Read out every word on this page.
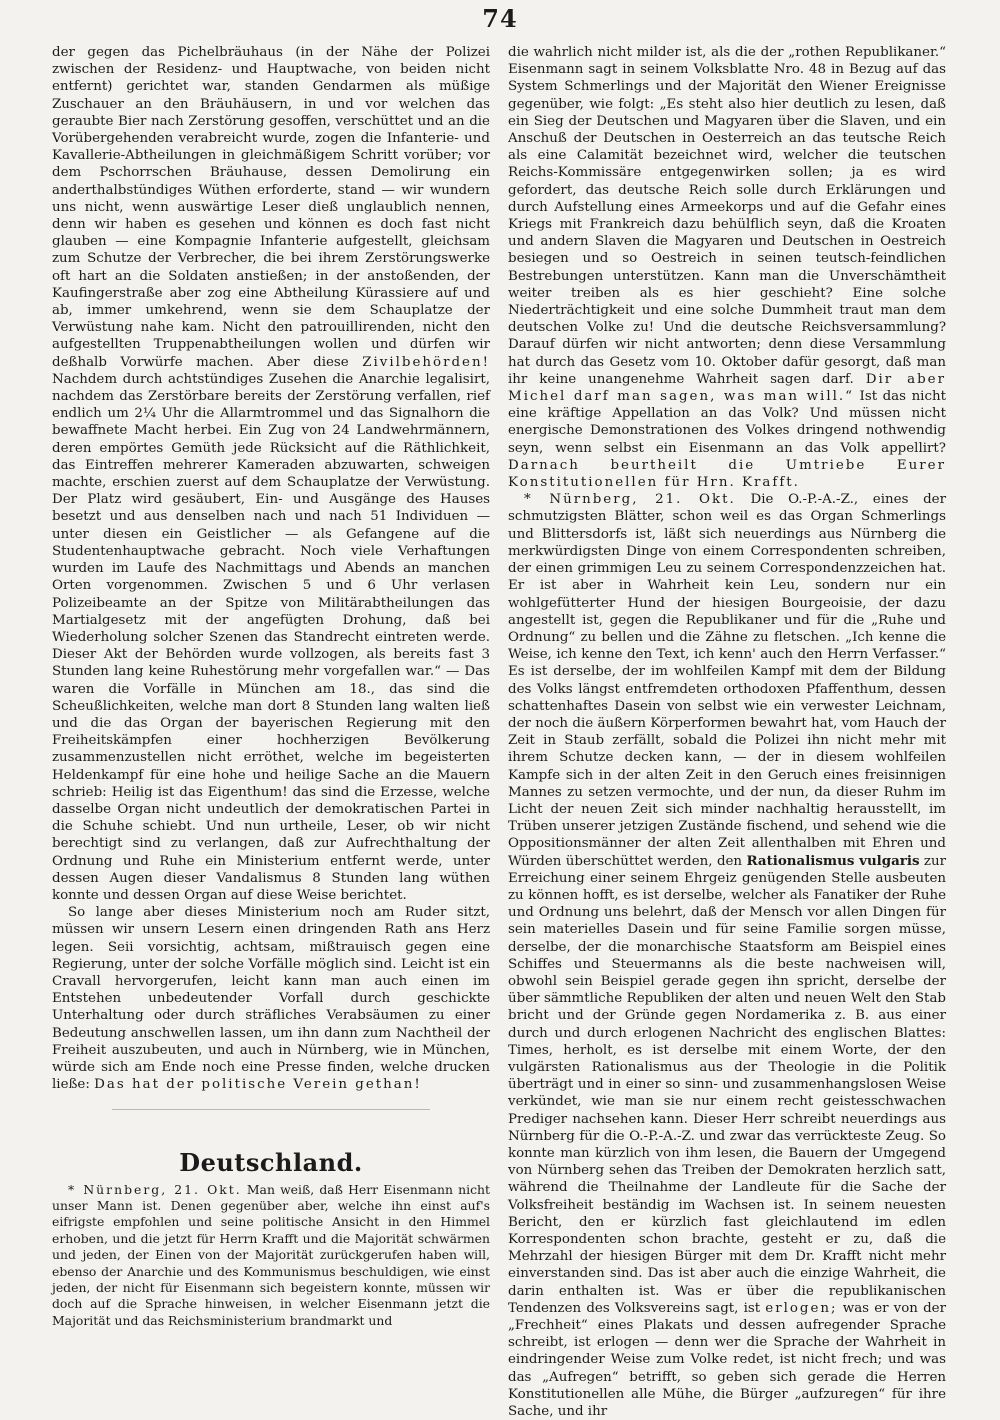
74

der gegen das Pichelbräuhaus (in der Nähe der Polizei zwischen der Residenz- und Hauptwache, von beiden nicht entfernt) gerichtet war, standen Gendarmen als müßige Zuschauer an den Bräuhäusern, in und vor welchen das geraubte Bier nach Zerstörung gesoffen, verschüttet und an die Vorübergehenden verabreicht wurde, zogen die Infanterie- und Kavallerie-Abtheilungen in gleichmäßigem Schritt vorüber; vor dem Pschorrschen Bräuhause, dessen Demolirung ein anderthalbstündiges Wüthen erforderte, stand — wir wundern uns nicht, wenn auswärtige Leser dieß unglaublich nennen, denn wir haben es gesehen und können es doch fast nicht glauben — eine Kompagnie Infanterie aufgestellt, gleichsam zum Schutze der Verbrecher, die bei ihrem Zerstörungswerke oft hart an die Soldaten anstießen; in der anstoßenden, der Kaufingerstraße aber zog eine Abtheilung Kürassiere auf und ab, immer umkehrend, wenn sie dem Schauplatze der Verwüstung nahe kam. Nicht den patrouillirenden, nicht den aufgestellten Truppenabtheilungen wollen und dürfen wir deßhalb Vorwürfe machen. Aber diese Zivilbehörden! Nachdem durch achtstündiges Zusehen die Anarchie legalisirt, nachdem das Zerstörbare bereits der Zerstörung verfallen, rief endlich um 2¼ Uhr die Allarmtrommel und das Signalhorn die bewaffnete Macht herbei. Ein Zug von 24 Landwehrmännern, deren empörtes Gemüth jede Rücksicht auf die Räthlichkeit, das Eintreffen mehrerer Kameraden abzuwarten, schweigen machte, erschien zuerst auf dem Schauplatze der Verwüstung. Der Platz wird gesäubert, Ein- und Ausgänge des Hauses besetzt und aus denselben nach und nach 51 Individuen — unter diesen ein Geistlicher — als Gefangene auf die Studentenhauptwache gebracht. Noch viele Verhaftungen wurden im Laufe des Nachmittags und Abends an manchen Orten vorgenommen. Zwischen 5 und 6 Uhr verlasen Polizeibeamte an der Spitze von Militärabtheilungen das Martialgesetz mit der angefügten Drohung, daß bei Wiederholung solcher Szenen das Standrecht eintreten werde. Dieser Akt der Behörden wurde vollzogen, als bereits fast 3 Stunden lang keine Ruhestörung mehr vorgefallen war.“ — Das waren die Vorfälle in München am 18., das sind die Scheußlichkeiten, welche man dort 8 Stunden lang walten ließ und die das Organ der bayerischen Regierung mit den Freiheitskämpfen einer hochherzigen Bevölkerung zusammenzustellen nicht erröthet, welche im begeisterten Heldenkampf für eine hohe und heilige Sache an die Mauern schrieb: Heilig ist das Eigenthum! das sind die Erzesse, welche dasselbe Organ nicht undeutlich der demokratischen Partei in die Schuhe schiebt. Und nun urtheile, Leser, ob wir nicht berechtigt sind zu verlangen, daß zur Aufrechthaltung der Ordnung und Ruhe ein Ministerium entfernt werde, unter dessen Augen dieser Vandalismus 8 Stunden lang wüthen konnte und dessen Organ auf diese Weise berichtet.

So lange aber dieses Ministerium noch am Ruder sitzt, müssen wir unsern Lesern einen dringenden Rath ans Herz legen. Seii vorsichtig, achtsam, mißtrauisch gegen eine Regierung, unter der solche Vorfälle möglich sind. Leicht ist ein Cravall hervorgerufen, leicht kann man auch einen im Entstehen unbedeutender Vorfall durch geschickte Unterhaltung oder durch sträfliches Verabsäumen zu einer Bedeutung anschwellen lassen, um ihn dann zum Nachtheil der Freiheit auszubeuten, und auch in Nürnberg, wie in München, würde sich am Ende noch eine Presse finden, welche drucken ließe: Das hat der politische Verein gethan!

Deutschland.

* Nürnberg, 21. Okt. Man weiß, daß Herr Eisenmann nicht unser Mann ist. Denen gegenüber aber, welche ihn einst auf's eifrigste empfohlen und seine politische Ansicht in den Himmel erhoben, und die jetzt für Herrn Krafft und die Majorität schwärmen und jeden, der Einen von der Majorität zurückgerufen haben will, ebenso der Anarchie und des Kommunismus beschuldigen, wie einst jeden, der nicht für Eisenmann sich begeistern konnte, müssen wir doch auf die Sprache hinweisen, in welcher Eisenmann jetzt die Majorität und das Reichsministerium brandmarkt und

die wahrlich nicht milder ist, als die der „rothen Republikaner.“ Eisenmann sagt in seinem Volksblatte Nro. 48 in Bezug auf das System Schmerlings und der Majorität den Wiener Ereignisse gegenüber, wie folgt: „Es steht also hier deutlich zu lesen, daß ein Sieg der Deutschen und Magyaren über die Slaven, und ein Anschuß der Deutschen in Oesterreich an das teutsche Reich als eine Calamität bezeichnet wird, welcher die teutschen Reichs-Kommissäre entgegenwirken sollen; ja es wird gefordert, das deutsche Reich solle durch Erklärungen und durch Aufstellung eines Armeekorps und auf die Gefahr eines Kriegs mit Frankreich dazu behülflich seyn, daß die Kroaten und andern Slaven die Magyaren und Deutschen in Oestreich besiegen und so Oestreich in seinen teutsch-feindlichen Bestrebungen unterstützen. Kann man die Unverschämtheit weiter treiben als es hier geschieht? Eine solche Niederträchtigkeit und eine solche Dummheit traut man dem deutschen Volke zu! Und die deutsche Reichsversammlung? Darauf dürfen wir nicht antworten; denn diese Versammlung hat durch das Gesetz vom 10. Oktober dafür gesorgt, daß man ihr keine unangenehme Wahrheit sagen darf. Dir aber Michel darf man sagen, was man will.“ Ist das nicht eine kräftige Appellation an das Volk? Und müssen nicht energische Demonstrationen des Volkes dringend nothwendig seyn, wenn selbst ein Eisenmann an das Volk appellirt? Darnach beurtheilt die Umtriebe Eurer Konstitutionellen für Hrn. Krafft.

* Nürnberg, 21. Okt. Die O.-P.-A.-Z., eines der schmutzigsten Blätter, schon weil es das Organ Schmerlings und Blittersdorfs ist, läßt sich neuerdings aus Nürnberg die merkwürdigsten Dinge von einem Correspondenten schreiben, der einen grimmigen Leu zu seinem Correspondenzzeichen hat. Er ist aber in Wahrheit kein Leu, sondern nur ein wohlgefütterter Hund der hiesigen Bourgeoisie, der dazu angestellt ist, gegen die Republikaner und für die „Ruhe und Ordnung“ zu bellen und die Zähne zu fletschen. „Ich kenne die Weise, ich kenne den Text, ich kenn' auch den Herrn Verfasser.“ Es ist derselbe, der im wohlfeilen Kampf mit dem der Bildung des Volks längst entfremdeten orthodoxen Pfaffenthum, dessen schattenhaftes Dasein von selbst wie ein verwester Leichnam, der noch die äußern Körperformen bewahrt hat, vom Hauch der Zeit in Staub zerfällt, sobald die Polizei ihn nicht mehr mit ihrem Schutze decken kann, — der in diesem wohlfeilen Kampfe sich in der alten Zeit in den Geruch eines freisinnigen Mannes zu setzen vermochte, und der nun, da dieser Ruhm im Licht der neuen Zeit sich minder nachhaltig herausstellt, im Trüben unserer jetzigen Zustände fischend, und sehend wie die Oppositionsmänner der alten Zeit allenthalben mit Ehren und Würden überschüttet werden, den Rationalismus vulgaris zur Erreichung einer seinem Ehrgeiz genügenden Stelle ausbeuten zu können hofft, es ist derselbe, welcher als Fanatiker der Ruhe und Ordnung uns belehrt, daß der Mensch vor allen Dingen für sein materielles Dasein und für seine Familie sorgen müsse, derselbe, der die monarchische Staatsform am Beispiel eines Schiffes und Steuermanns als die beste nachweisen will, obwohl sein Beispiel gerade gegen ihn spricht, derselbe der über sämmtliche Republiken der alten und neuen Welt den Stab bricht und der Gründe gegen Nordamerika z. B. aus einer durch und durch erlogenen Nachricht des englischen Blattes: Times, herholt, es ist derselbe mit einem Worte, der den vulgärsten Rationalismus aus der Theologie in die Politik überträgt und in einer so sinn- und zusammenhangslosen Weise verkündet, wie man sie nur einem recht geistesschwachen Prediger nachsehen kann. Dieser Herr schreibt neuerdings aus Nürnberg für die O.-P.-A.-Z. und zwar das verrückteste Zeug. So konnte man kürzlich von ihm lesen, die Bauern der Umgegend von Nürnberg sehen das Treiben der Demokraten herzlich satt, während die Theilnahme der Landleute für die Sache der Volksfreiheit beständig im Wachsen ist. In seinem neuesten Bericht, den er kürzlich fast gleichlautend im edlen Korrespondenten schon brachte, gesteht er zu, daß die Mehrzahl der hiesigen Bürger mit dem Dr. Krafft nicht mehr einverstanden sind. Das ist aber auch die einzige Wahrheit, die darin enthalten ist. Was er über die republikanischen Tendenzen des Volksvereins sagt, ist erlogen; was er von der „Frechheit“ eines Plakats und dessen aufregender Sprache schreibt, ist erlogen — denn wer die Sprache der Wahrheit in eindringender Weise zum Volke redet, ist nicht frech; und was das „Aufregen“ betrifft, so geben sich gerade die Herren Konstitutionellen alle Mühe, die Bürger „aufzuregen“ für ihre Sache, und ihr
